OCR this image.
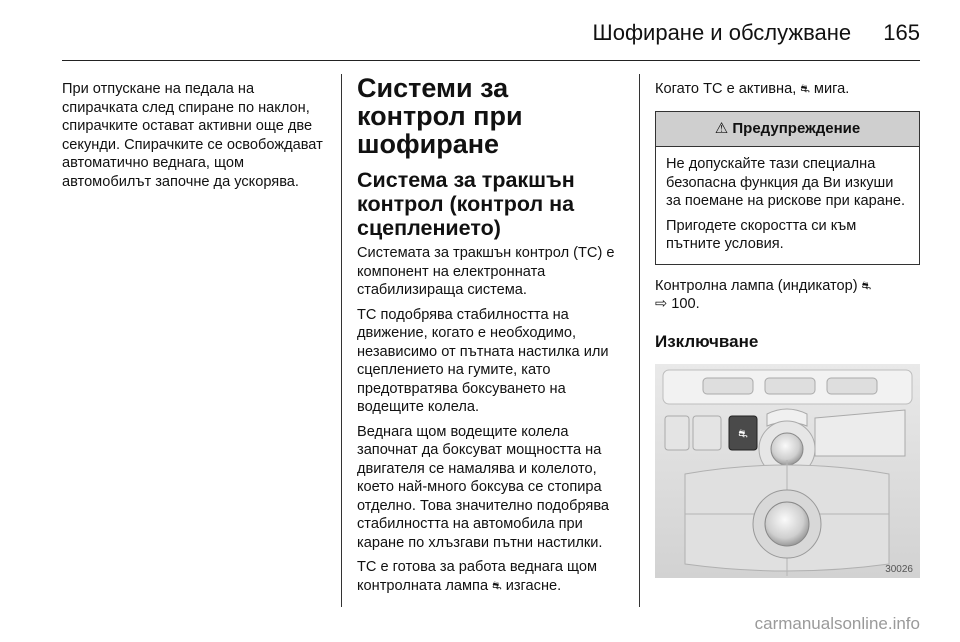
Шофиране и обслужване 165

При отпускане на педала на спирачката след спиране по наклон, спирачките остават активни още две секунди. Спирачките се освобождават автоматично веднага, щом автомобилът започне да ускорява.

Системи за контрол при шофиране
Система за тракшън контрол (контрол на сцеплението)

Системата за тракшън контрол (TC) е компонент на електронната стабилизираща система.

TC подобрява стабилността на движение, когато е необходимо, независимо от пътната настилка или сцеплението на гумите, като предотвратява боксуването на водещите колела.

Веднага щом водещите колела започнат да боксуват мощността на двигателя се намалява и колелото, което най-много боксува се стопира отделно. Това значително подобрява стабилността на автомобила при каране по хлъзгави пътни настилки.

TC е готова за работа веднага щом контролната лампа ⛐ изгасне.

Когато TC е активна, ⛐ мига.

⚠ Предупреждение

Не допускайте тази специална безопасна функция да Ви изкуши за поемане на рискове при каране.

Пригодете скоростта си към пътните условия.

Контролна лампа (индикатор) ⛐
⇨ 100.

Изключване
⛐
30026
carmanualsonline.info
